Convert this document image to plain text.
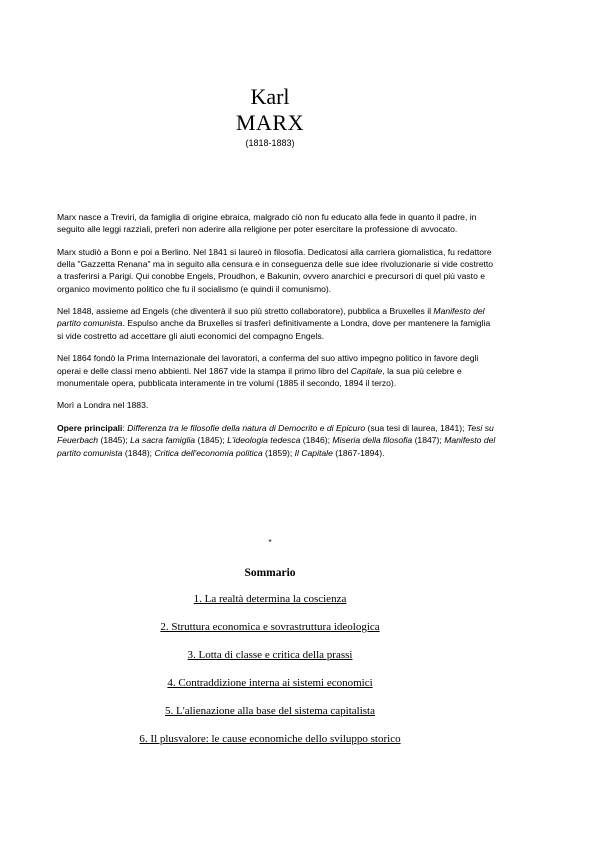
Karl
MARX
(1818-1883)

Marx nasce a Treviri, da famiglia di origine ebraica, malgrado ciò non fu educato alla fede in quanto il padre, in seguito alle leggi razziali, preferì non aderire alla religione per poter esercitare la professione di avvocato.

Marx studiò a Bonn e poi a Berlino. Nel 1841 si laureò in filosofia. Dedicatosi alla carriera giornalistica, fu redattore della "Gazzetta Renana" ma in seguito alla censura e in conseguenza delle sue idee rivoluzionarie si vide costretto a trasferirsi a Parigi. Qui conobbe Engels, Proudhon, e Bakunin, ovvero anarchici e precursori di quel più vasto e organico movimento politico che fu il socialismo (e quindi il comunismo).

Nel 1848, assieme ad Engels (che diventerà il suo più stretto collaboratore), pubblica a Bruxelles il Manifesto del partito comunista. Espulso anche da Bruxelles si trasferì definitivamente a Londra, dove per mantenere la famiglia si vide costretto ad accettare gli aiuti economici del compagno Engels.

Nel 1864 fondò la Prima Internazionale dei lavoratori, a conferma del suo attivo impegno politico in favore degli operai e delle classi meno abbienti. Nel 1867 vide la stampa il primo libro del Capitale, la sua più celebre e monumentale opera, pubblicata interamente in tre volumi (1885 il secondo, 1894 il terzo).

Morì a Londra nel 1883.

Opere principali: Differenza tra le filosofie della natura di Democrito e di Epicuro (sua tesi di laurea, 1841); Tesi su Feuerbach (1845); La sacra famiglia (1845); L'ideologia tedesca (1846); Miseria della filosofia (1847); Manifesto del partito comunista (1848); Critica dell'economia politica (1859); Il Capitale (1867-1894).

*
Sommario
1. La realtà determina la coscienza
2. Struttura economica e sovrastruttura ideologica
3. Lotta di classe e critica della prassi
4. Contraddizione interna ai sistemi economici
5. L'alienazione alla base del sistema capitalista
6. Il plusvalore: le cause economiche dello sviluppo storico
